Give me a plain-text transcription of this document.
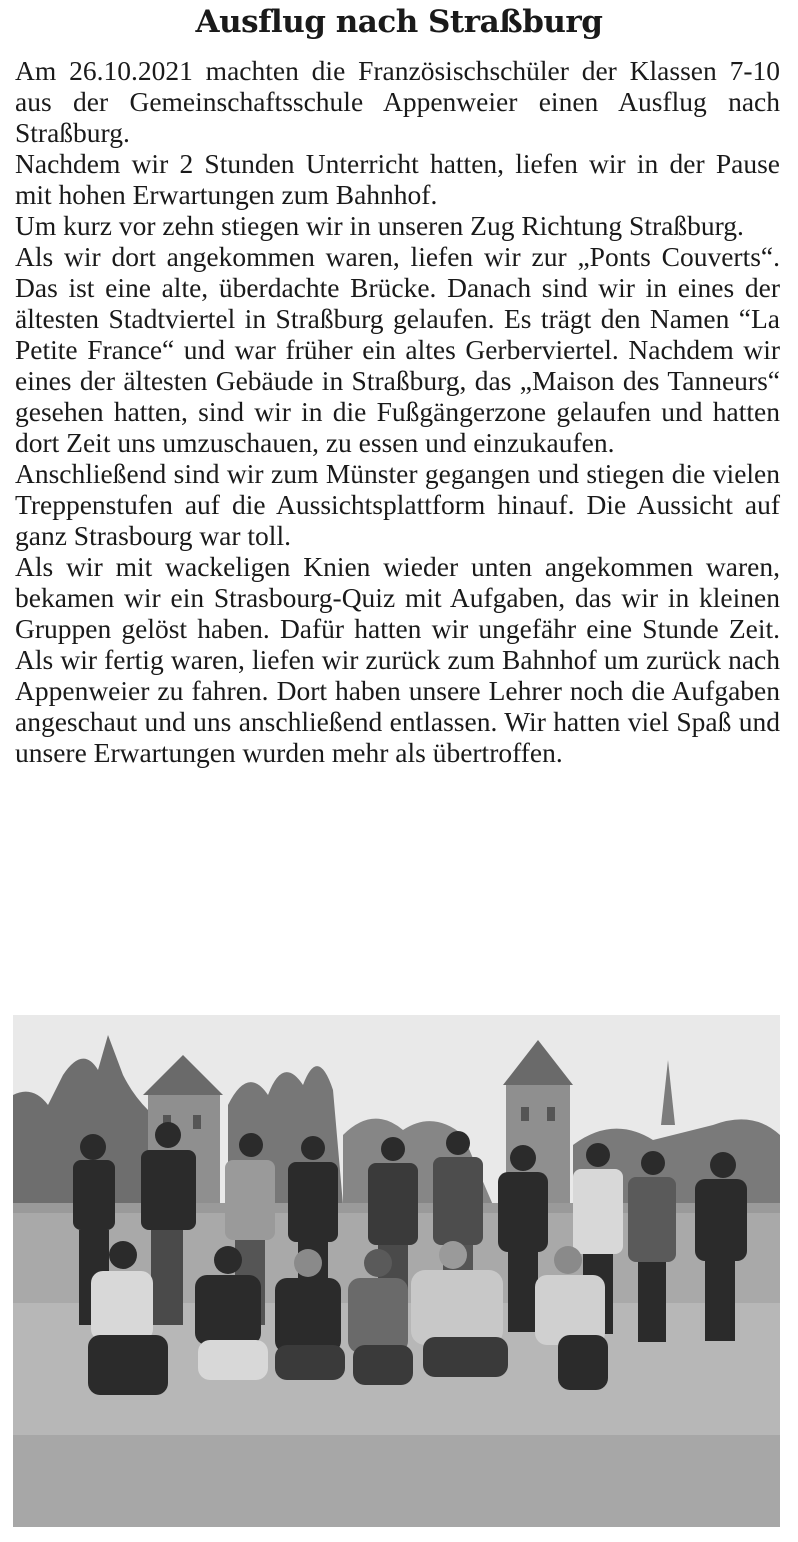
Ausflug nach Straßburg

Am 26.10.2021 machten die Französischschüler der Klassen 7-10 aus der Gemeinschaftsschule Appenweier einen Ausflug nach Straßburg.

Nachdem wir 2 Stunden Unterricht hatten, liefen wir in der Pause mit hohen Erwartungen zum Bahnhof.

Um kurz vor zehn stiegen wir in unseren Zug Richtung Straßburg.

Als wir dort angekommen waren, liefen wir zur „Ponts Couverts“. Das ist eine alte, überdachte Brücke. Danach sind wir in eines der ältesten Stadtviertel in Straßburg gelaufen. Es trägt den Namen “La Petite France“ und war früher ein altes Gerberviertel. Nachdem wir eines der ältesten Gebäude in Straßburg, das „Maison des Tanneurs“ gesehen hatten, sind wir in die Fußgängerzone gelaufen und hatten dort Zeit uns umzuschauen, zu essen und einzukaufen.

Anschließend sind wir zum Münster gegangen und stiegen die vielen Treppenstufen auf die Aussichtsplattform hinauf. Die Aussicht auf ganz Strasbourg war toll.

Als wir mit wackeligen Knien wieder unten angekommen waren, bekamen wir ein Strasbourg-Quiz mit Aufgaben, das wir in kleinen Gruppen gelöst haben. Dafür hatten wir ungefähr eine Stunde Zeit. Als wir fertig waren, liefen wir zurück zum Bahnhof um zurück nach Appenweier zu fahren. Dort haben unsere Lehrer noch die Aufgaben angeschaut und uns anschließend entlassen. Wir hatten viel Spaß und unsere Erwartungen wurden mehr als übertroffen.
